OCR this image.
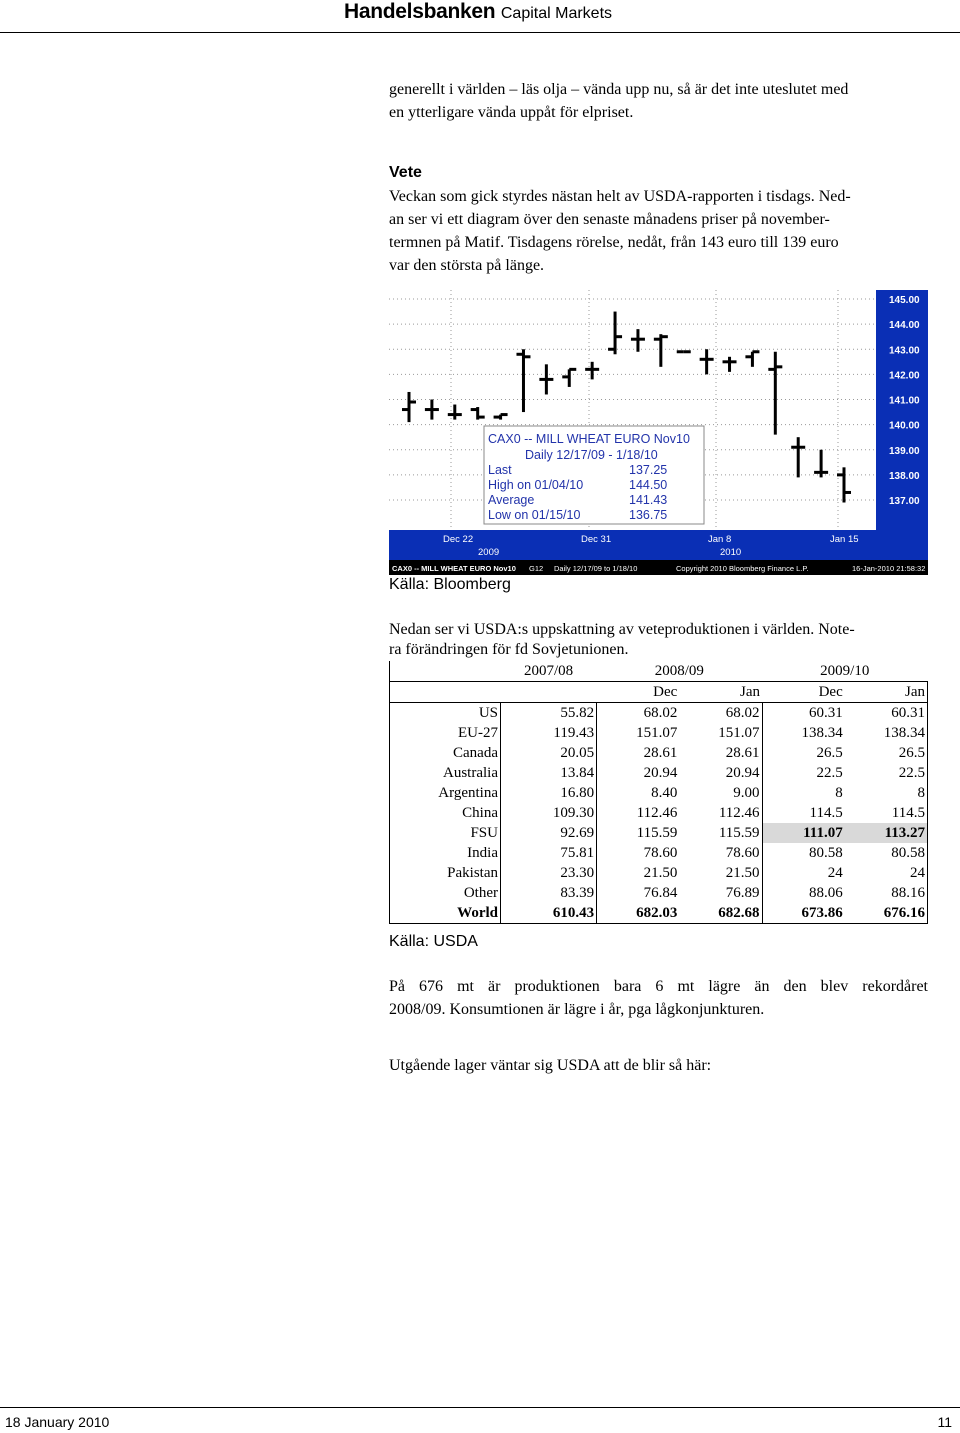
Handelsbanken Capital Markets
generellt i världen – läs olja – vända upp nu, så är det inte uteslutet med
en ytterligare vända uppåt för elpriset.
Vete
Veckan som gick styrdes nästan helt av USDA-rapporten i tisdags. Ned-
an ser vi ett diagram över den senaste månadens priser på november-
termnen på Matif. Tisdagens rörelse, nedåt, från 143 euro till 139 euro
var den största på länge.
145.00
144.00
143.00
142.00
141.00
140.00
139.00
138.00
137.00
Dec 22
2009
Dec 31	Jan 8
2010
Jan 15
CAX0 -- MILL WHEAT EURO Nov10 G12 Daily 12/17/09 to 1/18/10	Copyright 2010 Bloomberg Finance L.P.	16-Jan-2010 21:58:32
CAX0 -- MILL WHEAT EURO Nov10
Daily 12/17/09 - 1/18/10
Last	137.25
High on 01/04/10	144.50
Average	141.43
Low on 01/15/10	136.75
Källa: Bloomberg
Nedan ser vi USDA:s uppskattning av veteproduktionen i världen. Note-
ra förändringen för fd Sovjetunionen.
	2007/08	2008/09		2009/10	
		Dec	Jan	Dec	Jan
US	55.82	68.02	68.02	60.31	60.31
EU-27	119.43	151.07	151.07	138.34	138.34
Canada	20.05	28.61	28.61	26.5	26.5
Australia	13.84	20.94	20.94	22.5	22.5
Argentina	16.80	8.40	9.00	8	8
China	109.30	112.46	112.46	114.5	114.5
FSU	92.69	115.59	115.59	111.07	113.27
India	75.81	78.60	78.60	80.58	80.58
Pakistan	23.30	21.50	21.50	24	24
Other	83.39	76.84	76.89	88.06	88.16
World	610.43	682.03	682.68	673.86	676.16
Källa: USDA
På 676 mt är produktionen bara 6 mt lägre än den blev rekordåret
2008/09. Konsumtionen är lägre i år, pga lågkonjunkturen.
Utgående lager väntar sig USDA att de blir så här:
18 January 2010	11
